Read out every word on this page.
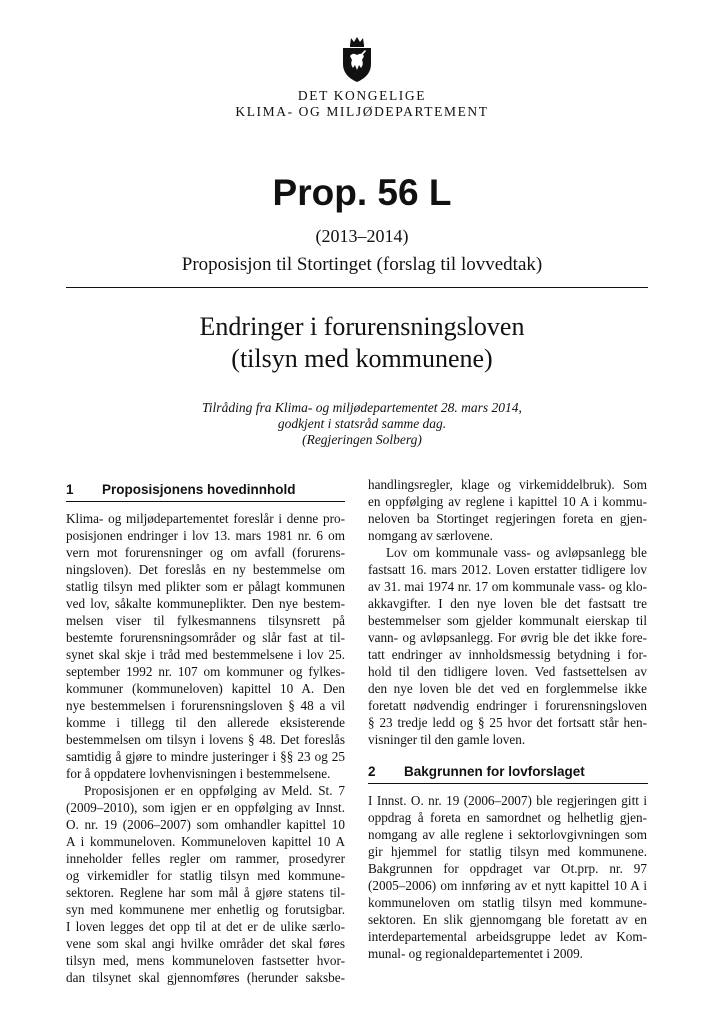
DET KONGELIGE
KLIMA- OG MILJØDEPARTEMENT
Prop. 56 L
(2013–2014)
Proposisjon til Stortinget (forslag til lovvedtak)
Endringer i forurensningsloven
(tilsyn med kommunene)
Tilråding fra Klima- og miljødepartementet 28. mars 2014,
godkjent i statsråd samme dag.
(Regjeringen Solberg)
1 Proposisjonens hovedinnhold
Klima- og miljødepartementet foreslår i denne pro-
posisjonen endringer i lov 13. mars 1981 nr. 6 om
vern mot forurensninger og om avfall (forurens-
ningsloven). Det foreslås en ny bestemmelse om
statlig tilsyn med plikter som er pålagt kommunen
ved lov, såkalte kommuneplikter. Den nye bestem-
melsen viser til fylkesmannens tilsynsrett på
bestemte forurensningsområder og slår fast at til-
synet skal skje i tråd med bestemmelsene i lov 25.
september 1992 nr. 107 om kommuner og fylkes-
kommuner (kommuneloven) kapittel 10 A. Den
nye bestemmelsen i forurensningsloven § 48 a vil
komme i tillegg til den allerede eksisterende
bestemmelsen om tilsyn i lovens § 48. Det foreslås
samtidig å gjøre to mindre justeringer i §§ 23 og 25
for å oppdatere lovhenvisningen i bestemmelsene.
Proposisjonen er en oppfølging av Meld. St. 7
(2009–2010), som igjen er en oppfølging av Innst.
O. nr. 19 (2006–2007) som omhandler kapittel 10
A i kommuneloven. Kommuneloven kapittel 10 A
inneholder felles regler om rammer, prosedyrer
og virkemidler for statlig tilsyn med kommune-
sektoren. Reglene har som mål å gjøre statens til-
syn med kommunene mer enhetlig og forutsigbar.
I loven legges det opp til at det er de ulike særlo-
vene som skal angi hvilke områder det skal føres
tilsyn med, mens kommuneloven fastsetter hvor-
dan tilsynet skal gjennomføres (herunder saksbe-
handlingsregler, klage og virkemiddelbruk). Som
en oppfølging av reglene i kapittel 10 A i kommu-
neloven ba Stortinget regjeringen foreta en gjen-
nomgang av særlovene.
Lov om kommunale vass- og avløpsanlegg ble
fastsatt 16. mars 2012. Loven erstatter tidligere lov
av 31. mai 1974 nr. 17 om kommunale vass- og klo-
akkavgifter. I den nye loven ble det fastsatt tre
bestemmelser som gjelder kommunalt eierskap til
vann- og avløpsanlegg. For øvrig ble det ikke fore-
tatt endringer av innholdsmessig betydning i for-
hold til den tidligere loven. Ved fastsettelsen av
den nye loven ble det ved en forglemmelse ikke
foretatt nødvendig endringer i forurensningsloven
§ 23 tredje ledd og § 25 hvor det fortsatt står hen-
visninger til den gamle loven.
2 Bakgrunnen for lovforslaget
I Innst. O. nr. 19 (2006–2007) ble regjeringen gitt i
oppdrag å foreta en samordnet og helhetlig gjen-
nomgang av alle reglene i sektorlovgivningen som
gir hjemmel for statlig tilsyn med kommunene.
Bakgrunnen for oppdraget var Ot.prp. nr. 97
(2005–2006) om innføring av et nytt kapittel 10 A i
kommuneloven om statlig tilsyn med kommune-
sektoren. En slik gjennomgang ble foretatt av en
interdepartemental arbeidsgruppe ledet av Kom-
munal- og regionaldepartementet i 2009.
